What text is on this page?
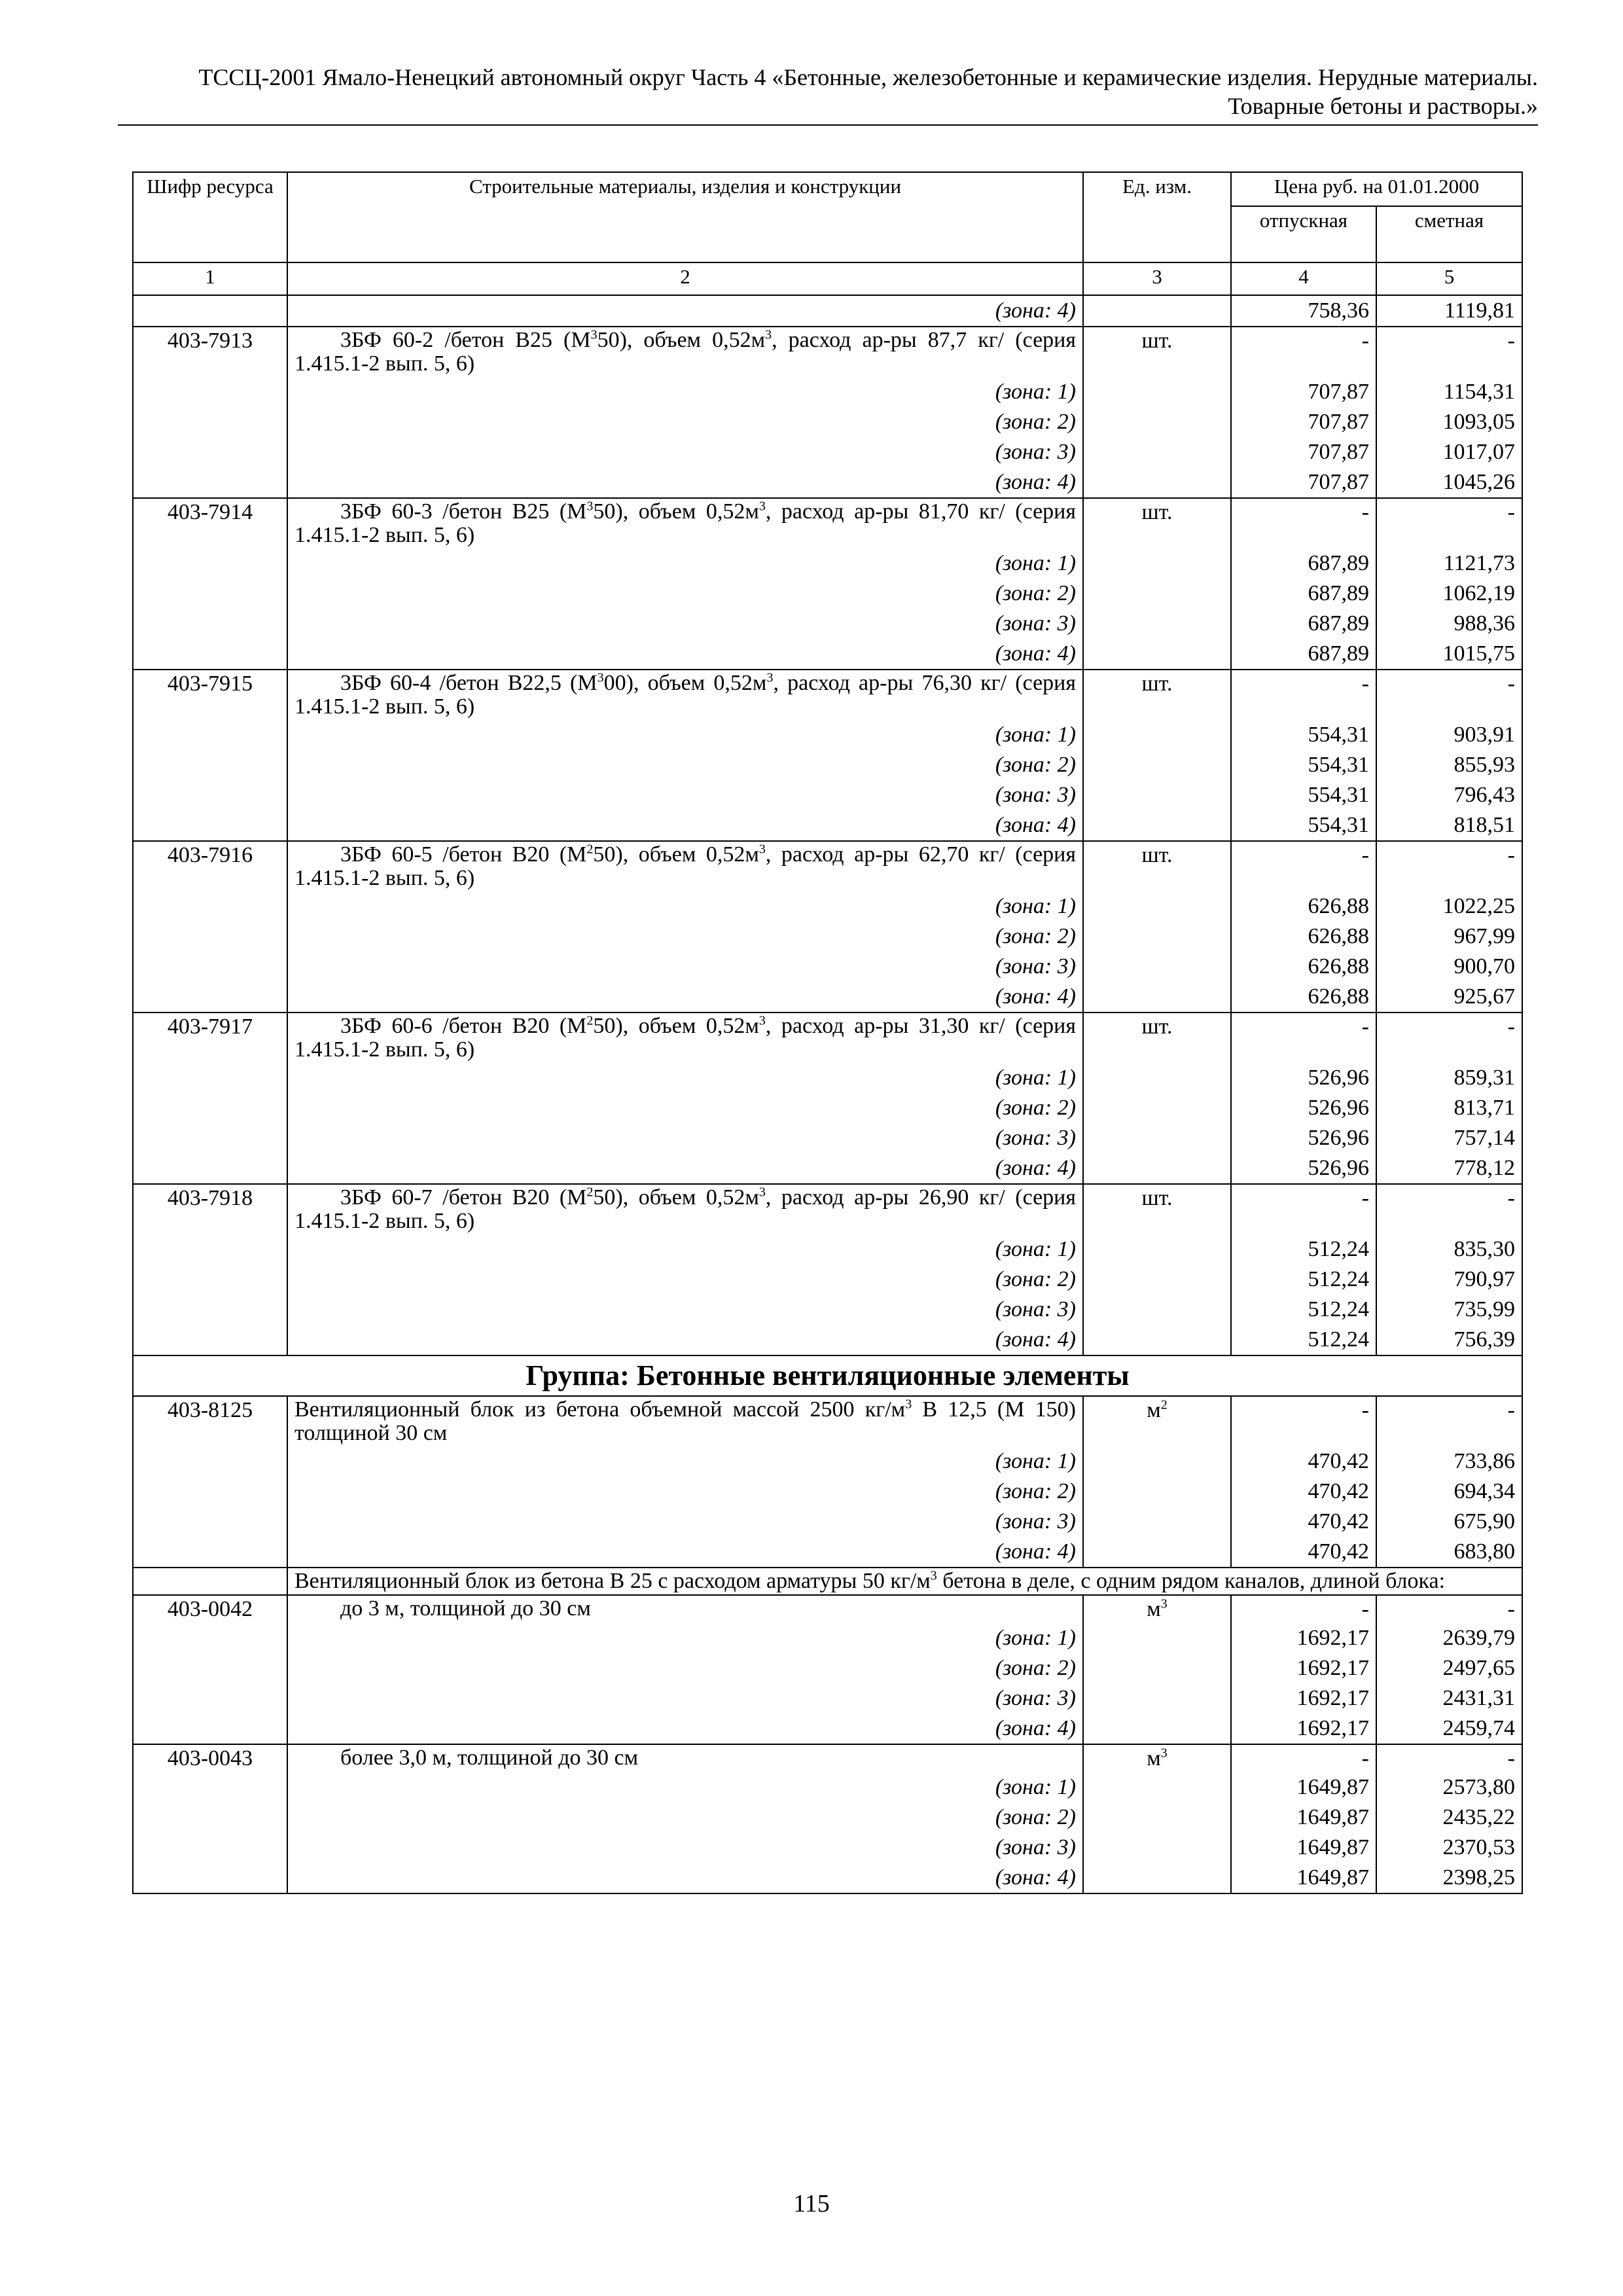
ТССЦ-2001 Ямало-Ненецкий автономный округ Часть 4 «Бетонные, железобетонные и керамические изделия. Нерудные материалы.
Товарные бетоны и растворы.»
Шифр ресурса	Строительные материалы, изделия и конструкции	Ед. изм.	Цена руб. на 01.01.2000	
			отпускная	сметная
1	2	3	4	5
	(зона: 4)		758,36	1119,81
403-7913	3БФ 60-2 /бетон В25 $(М^350)$, объем $0,52м^3$, расход ар-ры 87,7 кг/ (серия 1.415.1-2 вып. 5, 6)	шт.	-	-
	(зона: 1)		707,87	1154,31
	(зона: 2)		707,87	1093,05
	(зона: 3)		707,87	1017,07
	(зона: 4)		707,87	1045,26
403-7914	3БФ 60-3 /бетон В25 $(М^350)$, объем $0,52м^3$, расход ар-ры 81,70 кг/ (серия 1.415.1-2 вып. 5, 6)	шт.	-	-
	(зона: 1)		687,89	1121,73
	(зона: 2)		687,89	1062,19
	(зона: 3)		687,89	988,36
	(зона: 4)		687,89	1015,75
403-7915	3БФ 60-4 /бетон В22,5 $(М^300)$, объем $0,52м^3$, расход ар-ры 76,30 кг/ (серия 1.415.1-2 вып. 5, 6)	шт.	-	-
	(зона: 1)		554,31	903,91
	(зона: 2)		554,31	855,93
	(зона: 3)		554,31	796,43
	(зона: 4)		554,31	818,51
403-7916	3БФ 60-5 /бетон В20 $(М^250)$, объем $0,52м^3$, расход ар-ры 62,70 кг/ (серия 1.415.1-2 вып. 5, 6)	шт.	-	-
	(зона: 1)		626,88	1022,25
	(зона: 2)		626,88	967,99
	(зона: 3)		626,88	900,70
	(зона: 4)		626,88	925,67
403-7917	3БФ 60-6 /бетон В20 $(М^250)$, объем $0,52м^3$, расход ар-ры 31,30 кг/ (серия 1.415.1-2 вып. 5, 6)	шт.	-	-
	(зона: 1)		526,96	859,31
	(зона: 2)		526,96	813,71
	(зона: 3)		526,96	757,14
	(зона: 4)		526,96	778,12
403-7918	3БФ 60-7 /бетон В20 $(М^250)$, объем $0,52м^3$, расход ар-ры 26,90 кг/ (серия 1.415.1-2 вып. 5, 6)	шт.	-	-
	(зона: 1)		512,24	835,30
	(зона: 2)		512,24	790,97
	(зона: 3)		512,24	735,99
	(зона: 4)		512,24	756,39
Группа: Бетонные вентиляционные элементы				
403-8125	Вентиляционный блок из бетона объемной массой 2500 $кг/м^3$ В 12,5 (М 150) толщиной 30 см	$м^2$	-	-
	(зона: 1)		470,42	733,86
	(зона: 2)		470,42	694,34
	(зона: 3)		470,42	675,90
	(зона: 4)		470,42	683,80
	Вентиляционный блок из бетона В 25 с расходом арматуры 50 $кг/м^3$ бетона в деле, с одним рядом каналов, длиной блока:			
403-0042	до 3 м, толщиной до 30 см	$м^3$	-	-
	(зона: 1)		1692,17	2639,79
	(зона: 2)		1692,17	2497,65
	(зона: 3)		1692,17	2431,31
	(зона: 4)		1692,17	2459,74
403-0043	более 3,0 м, толщиной до 30 см	$м^3$	-	-
	(зона: 1)		1649,87	2573,80
	(зона: 2)		1649,87	2435,22
	(зона: 3)		1649,87	2370,53
	(зона: 4)		1649,87	2398,25
115
